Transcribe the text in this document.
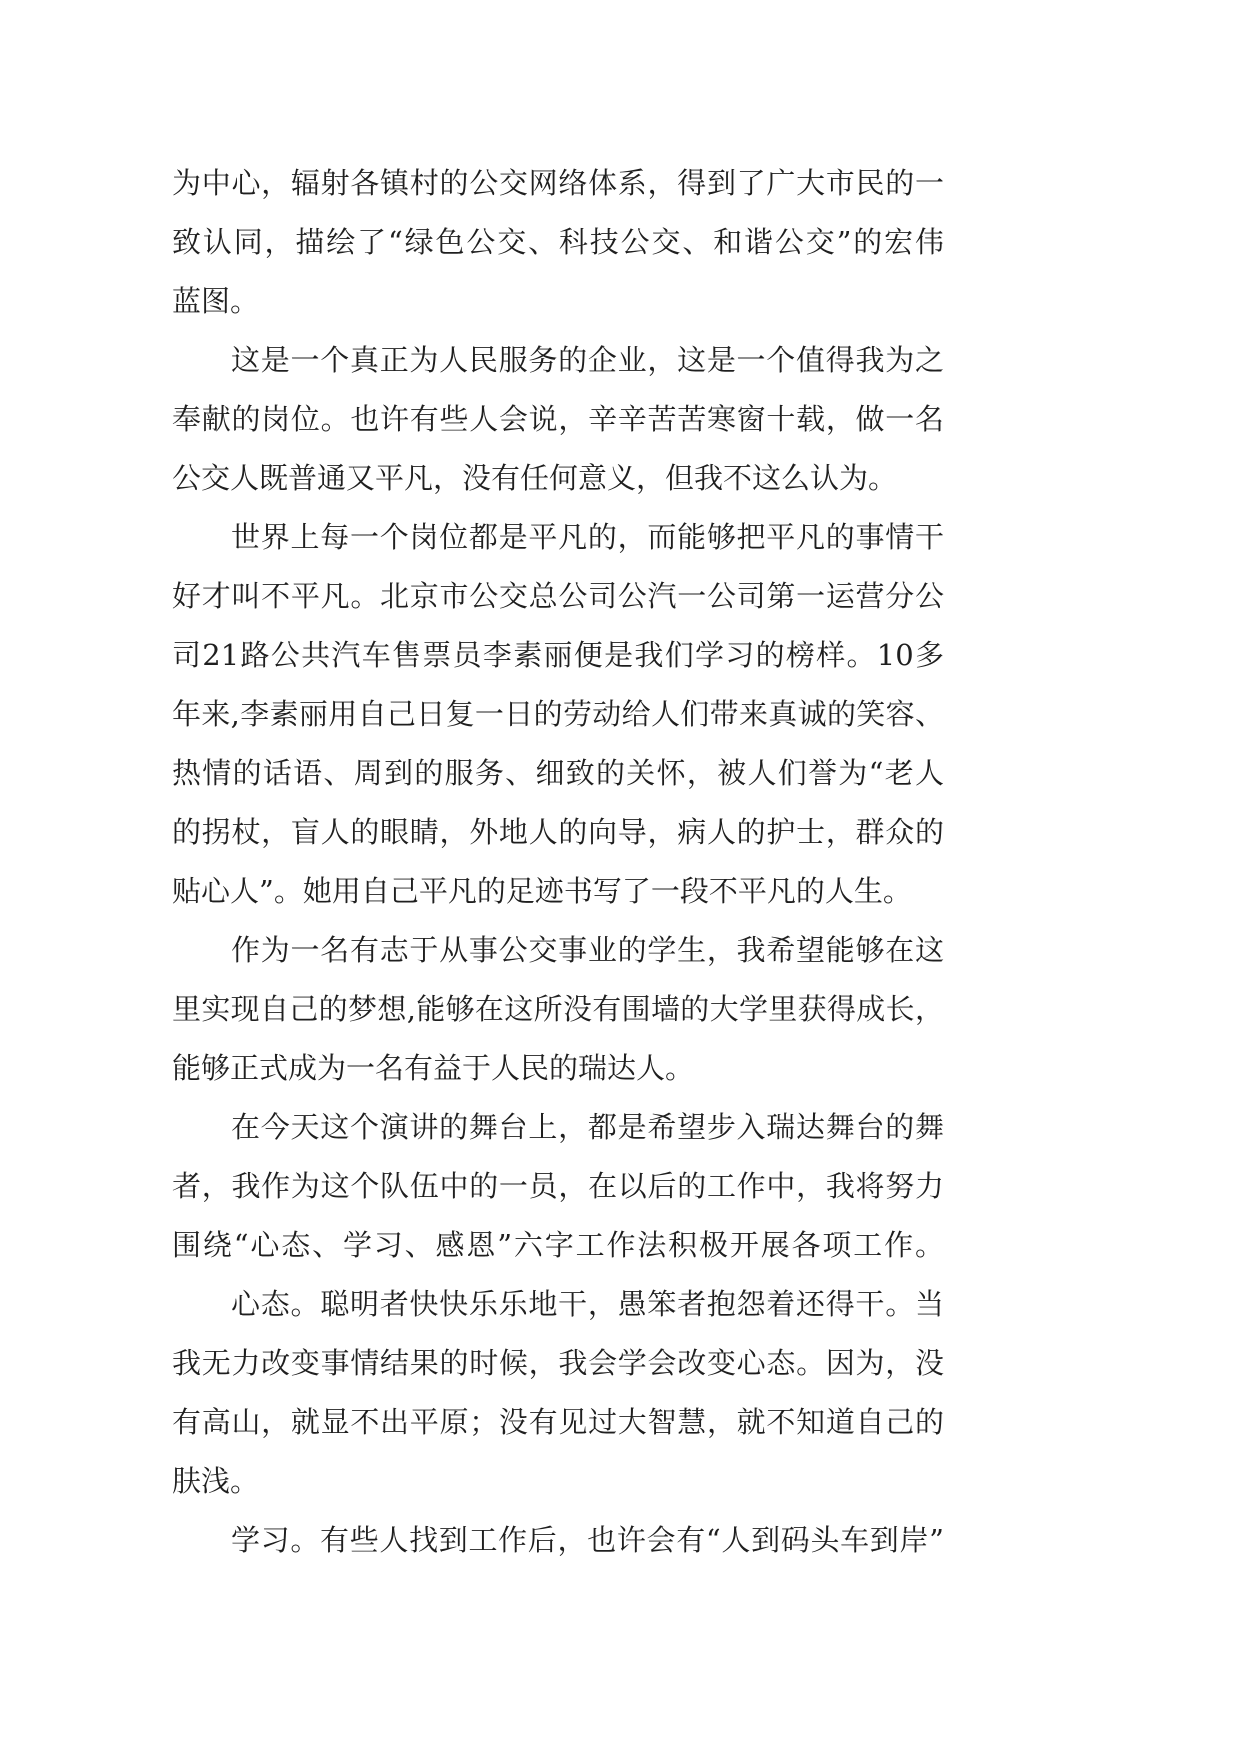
为中心，辐射各镇村的公交网络体系，得到了广大市民的一
致认同，描绘了“绿色公交、科技公交、和谐公交”的宏伟
蓝图。
这是一个真正为人民服务的企业，这是一个值得我为之
奉献的岗位。也许有些人会说，辛辛苦苦寒窗十载，做一名
公交人既普通又平凡，没有任何意义，但我不这么认为。
世界上每一个岗位都是平凡的，而能够把平凡的事情干
好才叫不平凡。北京市公交总公司公汽一公司第一运营分公
司21路公共汽车售票员李素丽便是我们学习的榜样。10多
年来,李素丽用自己日复一日的劳动给人们带来真诚的笑容、
热情的话语、周到的服务、细致的关怀，被人们誉为“老人
的拐杖，盲人的眼睛，外地人的向导，病人的护士，群众的
贴心人”。她用自己平凡的足迹书写了一段不平凡的人生。
作为一名有志于从事公交事业的学生，我希望能够在这
里实现自己的梦想,能够在这所没有围墙的大学里获得成长，
能够正式成为一名有益于人民的瑞达人。
在今天这个演讲的舞台上，都是希望步入瑞达舞台的舞
者，我作为这个队伍中的一员，在以后的工作中，我将努力
围绕“心态、学习、感恩”六字工作法积极开展各项工作。
心态。聪明者快快乐乐地干，愚笨者抱怨着还得干。当
我无力改变事情结果的时候，我会学会改变心态。因为，没
有高山，就显不出平原；没有见过大智慧，就不知道自己的
肤浅。
学习。有些人找到工作后，也许会有“人到码头车到岸”
